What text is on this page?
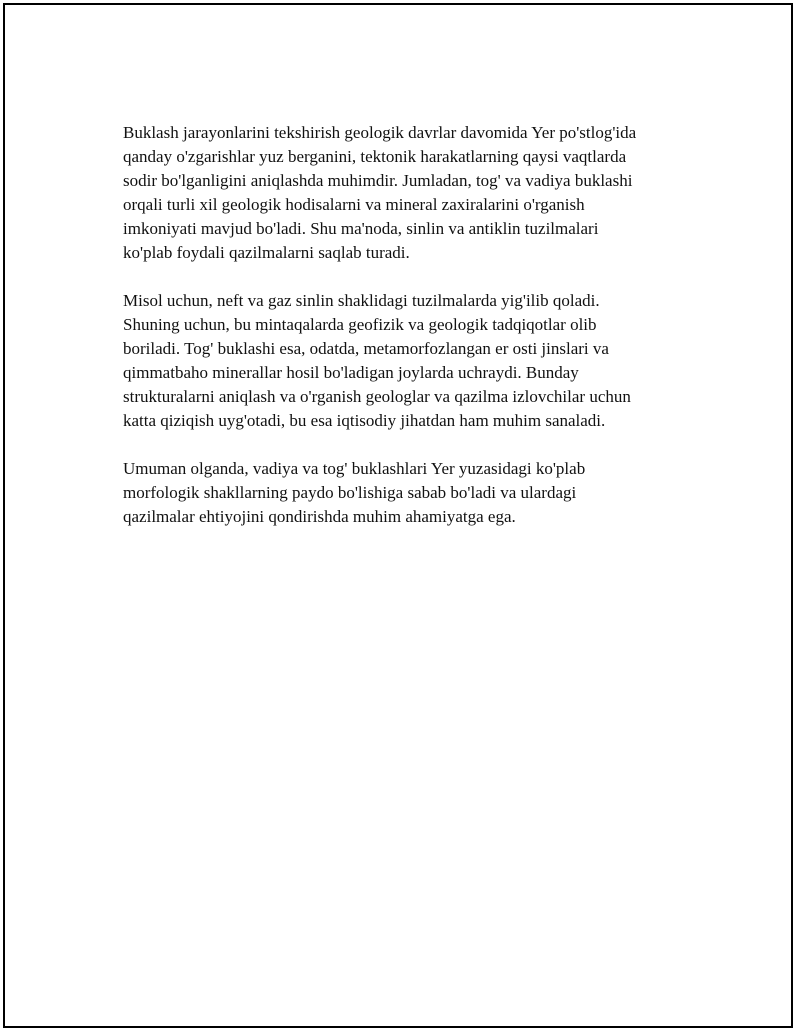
Buklash jarayonlarini tekshirish geologik davrlar davomida Yer po'stlog'ida
qanday o'zgarishlar yuz berganini, tektonik harakatlarning qaysi vaqtlarda
sodir bo'lganligini aniqlashda muhimdir. Jumladan, tog' va vadiya buklashi
orqali turli xil geologik hodisalarni va mineral zaxiralarini o'rganish
imkoniyati mavjud bo'ladi. Shu ma'noda, sinlin va antiklin tuzilmalari
ko'plab foydali qazilmalarni saqlab turadi.

Misol uchun, neft va gaz sinlin shaklidagi tuzilmalarda yig'ilib qoladi.
Shuning uchun, bu mintaqalarda geofizik va geologik tadqiqotlar olib
boriladi. Tog' buklashi esa, odatda, metamorfozlangan er osti jinslari va
qimmatbaho minerallar hosil bo'ladigan joylarda uchraydi. Bunday
strukturalarni aniqlash va o'rganish geologlar va qazilma izlovchilar uchun
katta qiziqish uyg'otadi, bu esa iqtisodiy jihatdan ham muhim sanaladi.

Umuman olganda, vadiya va tog' buklashlari Yer yuzasidagi ko'plab
morfologik shakllarning paydo bo'lishiga sabab bo'ladi va ulardagi
qazilmalar ehtiyojini qondirishda muhim ahamiyatga ega.
